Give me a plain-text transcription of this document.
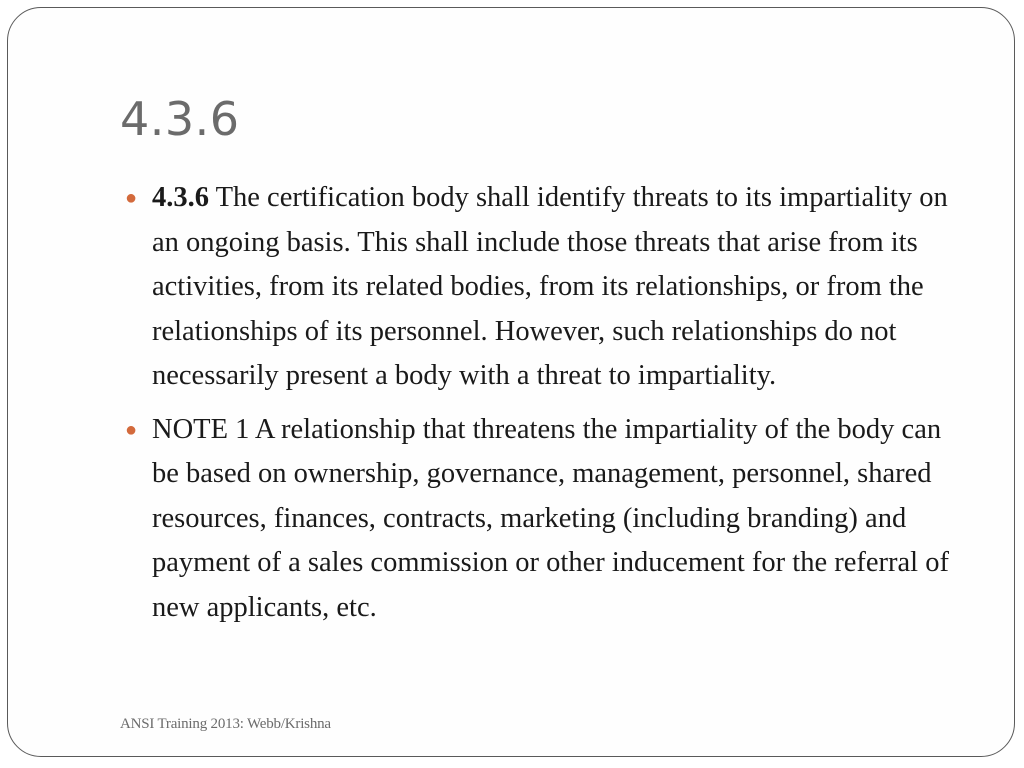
4.3.6
● 4.3.6 The certification body shall identify threats to its impartiality on an ongoing basis. This shall include those threats that arise from its activities, from its related bodies, from its relationships, or from the relationships of its personnel. However, such relationships do not necessarily present a body with a threat to impartiality.
● NOTE 1 A relationship that threatens the impartiality of the body can be based on ownership, governance, management, personnel, shared resources, finances, contracts, marketing (including branding) and payment of a sales commission or other inducement for the referral of new applicants, etc.
ANSI Training 2013: Webb/Krishna
